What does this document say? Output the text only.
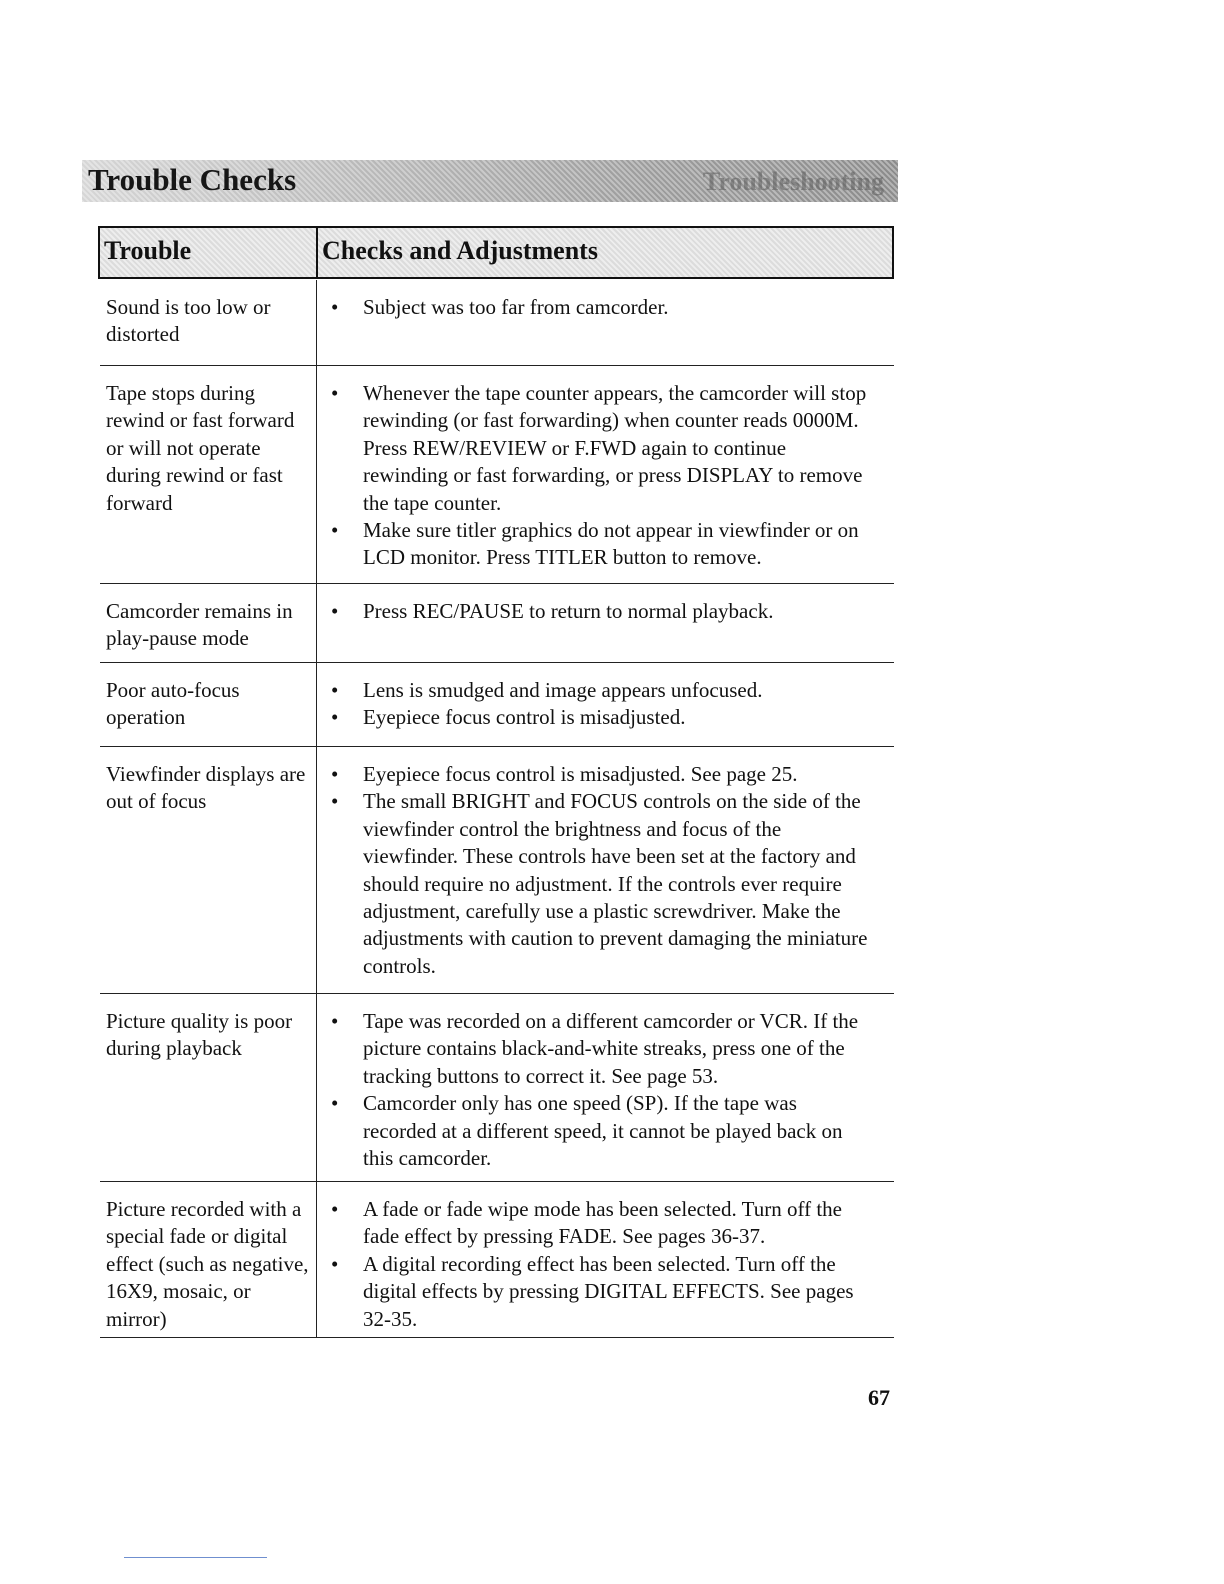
Trouble Checks	Troubleshooting
Trouble	Checks and Adjustments
Sound is too low or distorted
• Subject was too far from camcorder.
Tape stops during rewind or fast forward or will not operate during rewind or fast forward
• Whenever the tape counter appears, the camcorder will stop rewinding (or fast forwarding) when counter reads 0000M. Press REW/REVIEW or F.FWD again to continue rewinding or fast forwarding, or press DISPLAY to remove the tape counter.
• Make sure titler graphics do not appear in viewfinder or on LCD monitor. Press TITLER button to remove.
Camcorder remains in play-pause mode
• Press REC/PAUSE to return to normal playback.
Poor auto-focus operation
• Lens is smudged and image appears unfocused.
• Eyepiece focus control is misadjusted.
Viewfinder displays are out of focus
• Eyepiece focus control is misadjusted. See page 25.
• The small BRIGHT and FOCUS controls on the side of the viewfinder control the brightness and focus of the viewfinder. These controls have been set at the factory and should require no adjustment. If the controls ever require adjustment, carefully use a plastic screwdriver. Make the adjustments with caution to prevent damaging the miniature controls.
Picture quality is poor during playback
• Tape was recorded on a different camcorder or VCR. If the picture contains black-and-white streaks, press one of the tracking buttons to correct it. See page 53.
• Camcorder only has one speed (SP). If the tape was recorded at a different speed, it cannot be played back on this camcorder.
Picture recorded with a special fade or digital effect (such as negative, 16X9, mosaic, or mirror)
• A fade or fade wipe mode has been selected. Turn off the fade effect by pressing FADE. See pages 36-37.
• A digital recording effect has been selected. Turn off the digital effects by pressing DIGITAL EFFECTS. See pages 32-35.
67
